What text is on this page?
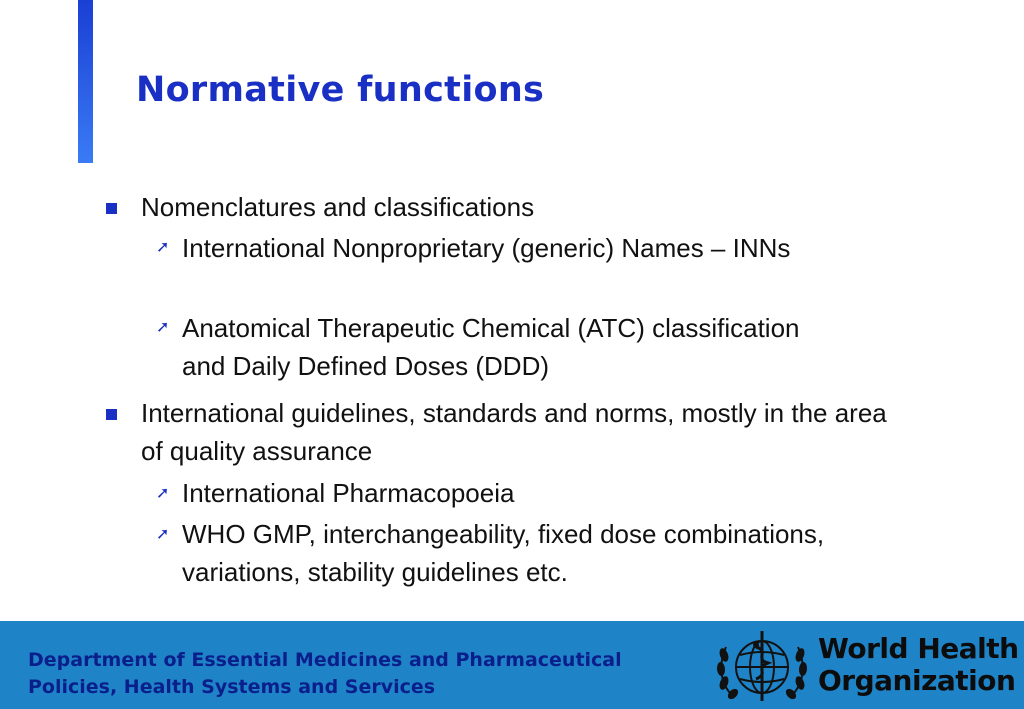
Normative functions
Nomenclatures and classifications
➚ International Nonproprietary (generic) Names – INNs
➚ Anatomical Therapeutic Chemical (ATC) classification and Daily Defined Doses (DDD)
International guidelines, standards and norms, mostly in the area of quality assurance
➚ International Pharmacopoeia
➚ WHO GMP, interchangeability, fixed dose combinations, variations, stability guidelines etc.

Department of Essential Medicines and Pharmaceutical
Policies, Health Systems and Services

World Health
Organization
